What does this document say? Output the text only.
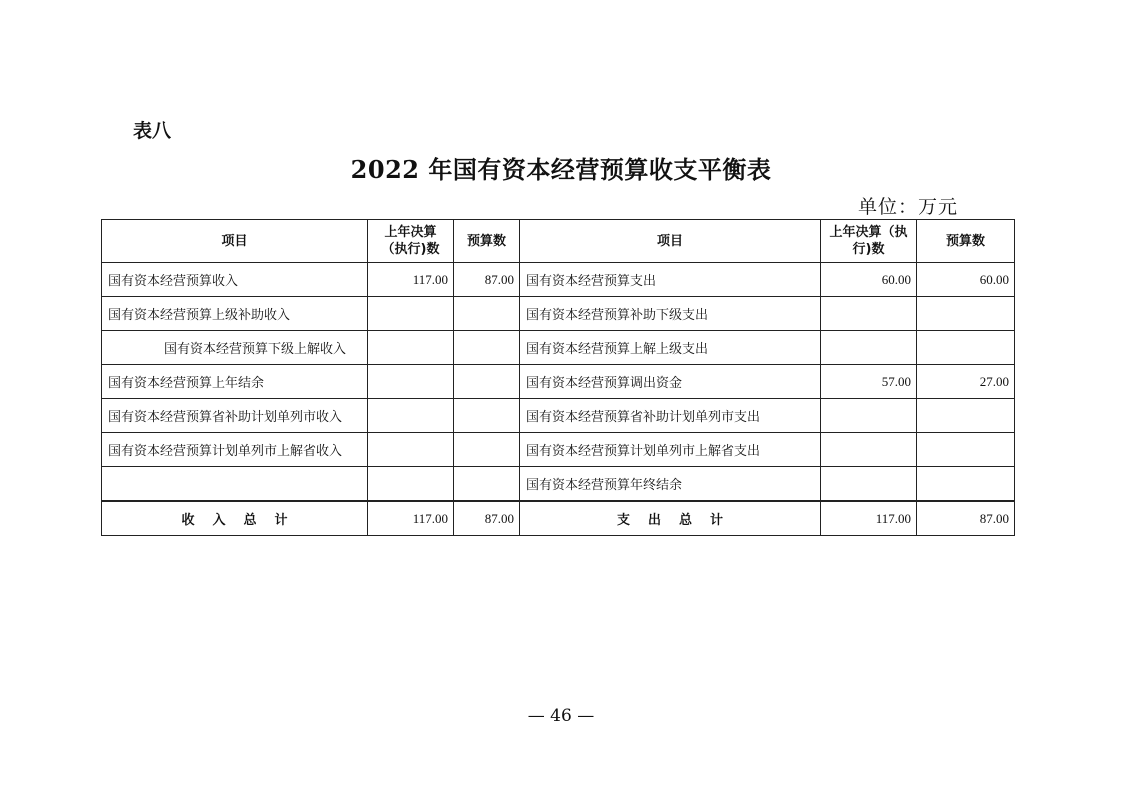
表八
2022 年国有资本经营预算收支平衡表
单位：万元
项目	上年决算（执行)数	预算数	项目	上年决算（执行)数	预算数
国有资本经营预算收入	117.00	87.00	国有资本经营预算支出	60.00	60.00
国有资本经营预算上级补助收入			国有资本经营预算补助下级支出		
国有资本经营预算下级上解收入			国有资本经营预算上解上级支出		
国有资本经营预算上年结余			国有资本经营预算调出资金	57.00	27.00
国有资本经营预算省补助计划单列市收入			国有资本经营预算省补助计划单列市支出		
国有资本经营预算计划单列市上解省收入			国有资本经营预算计划单列市上解省支出		
			国有资本经营预算年终结余		
收入总计	117.00	87.00	支出总计	117.00	87.00
— 46 —
